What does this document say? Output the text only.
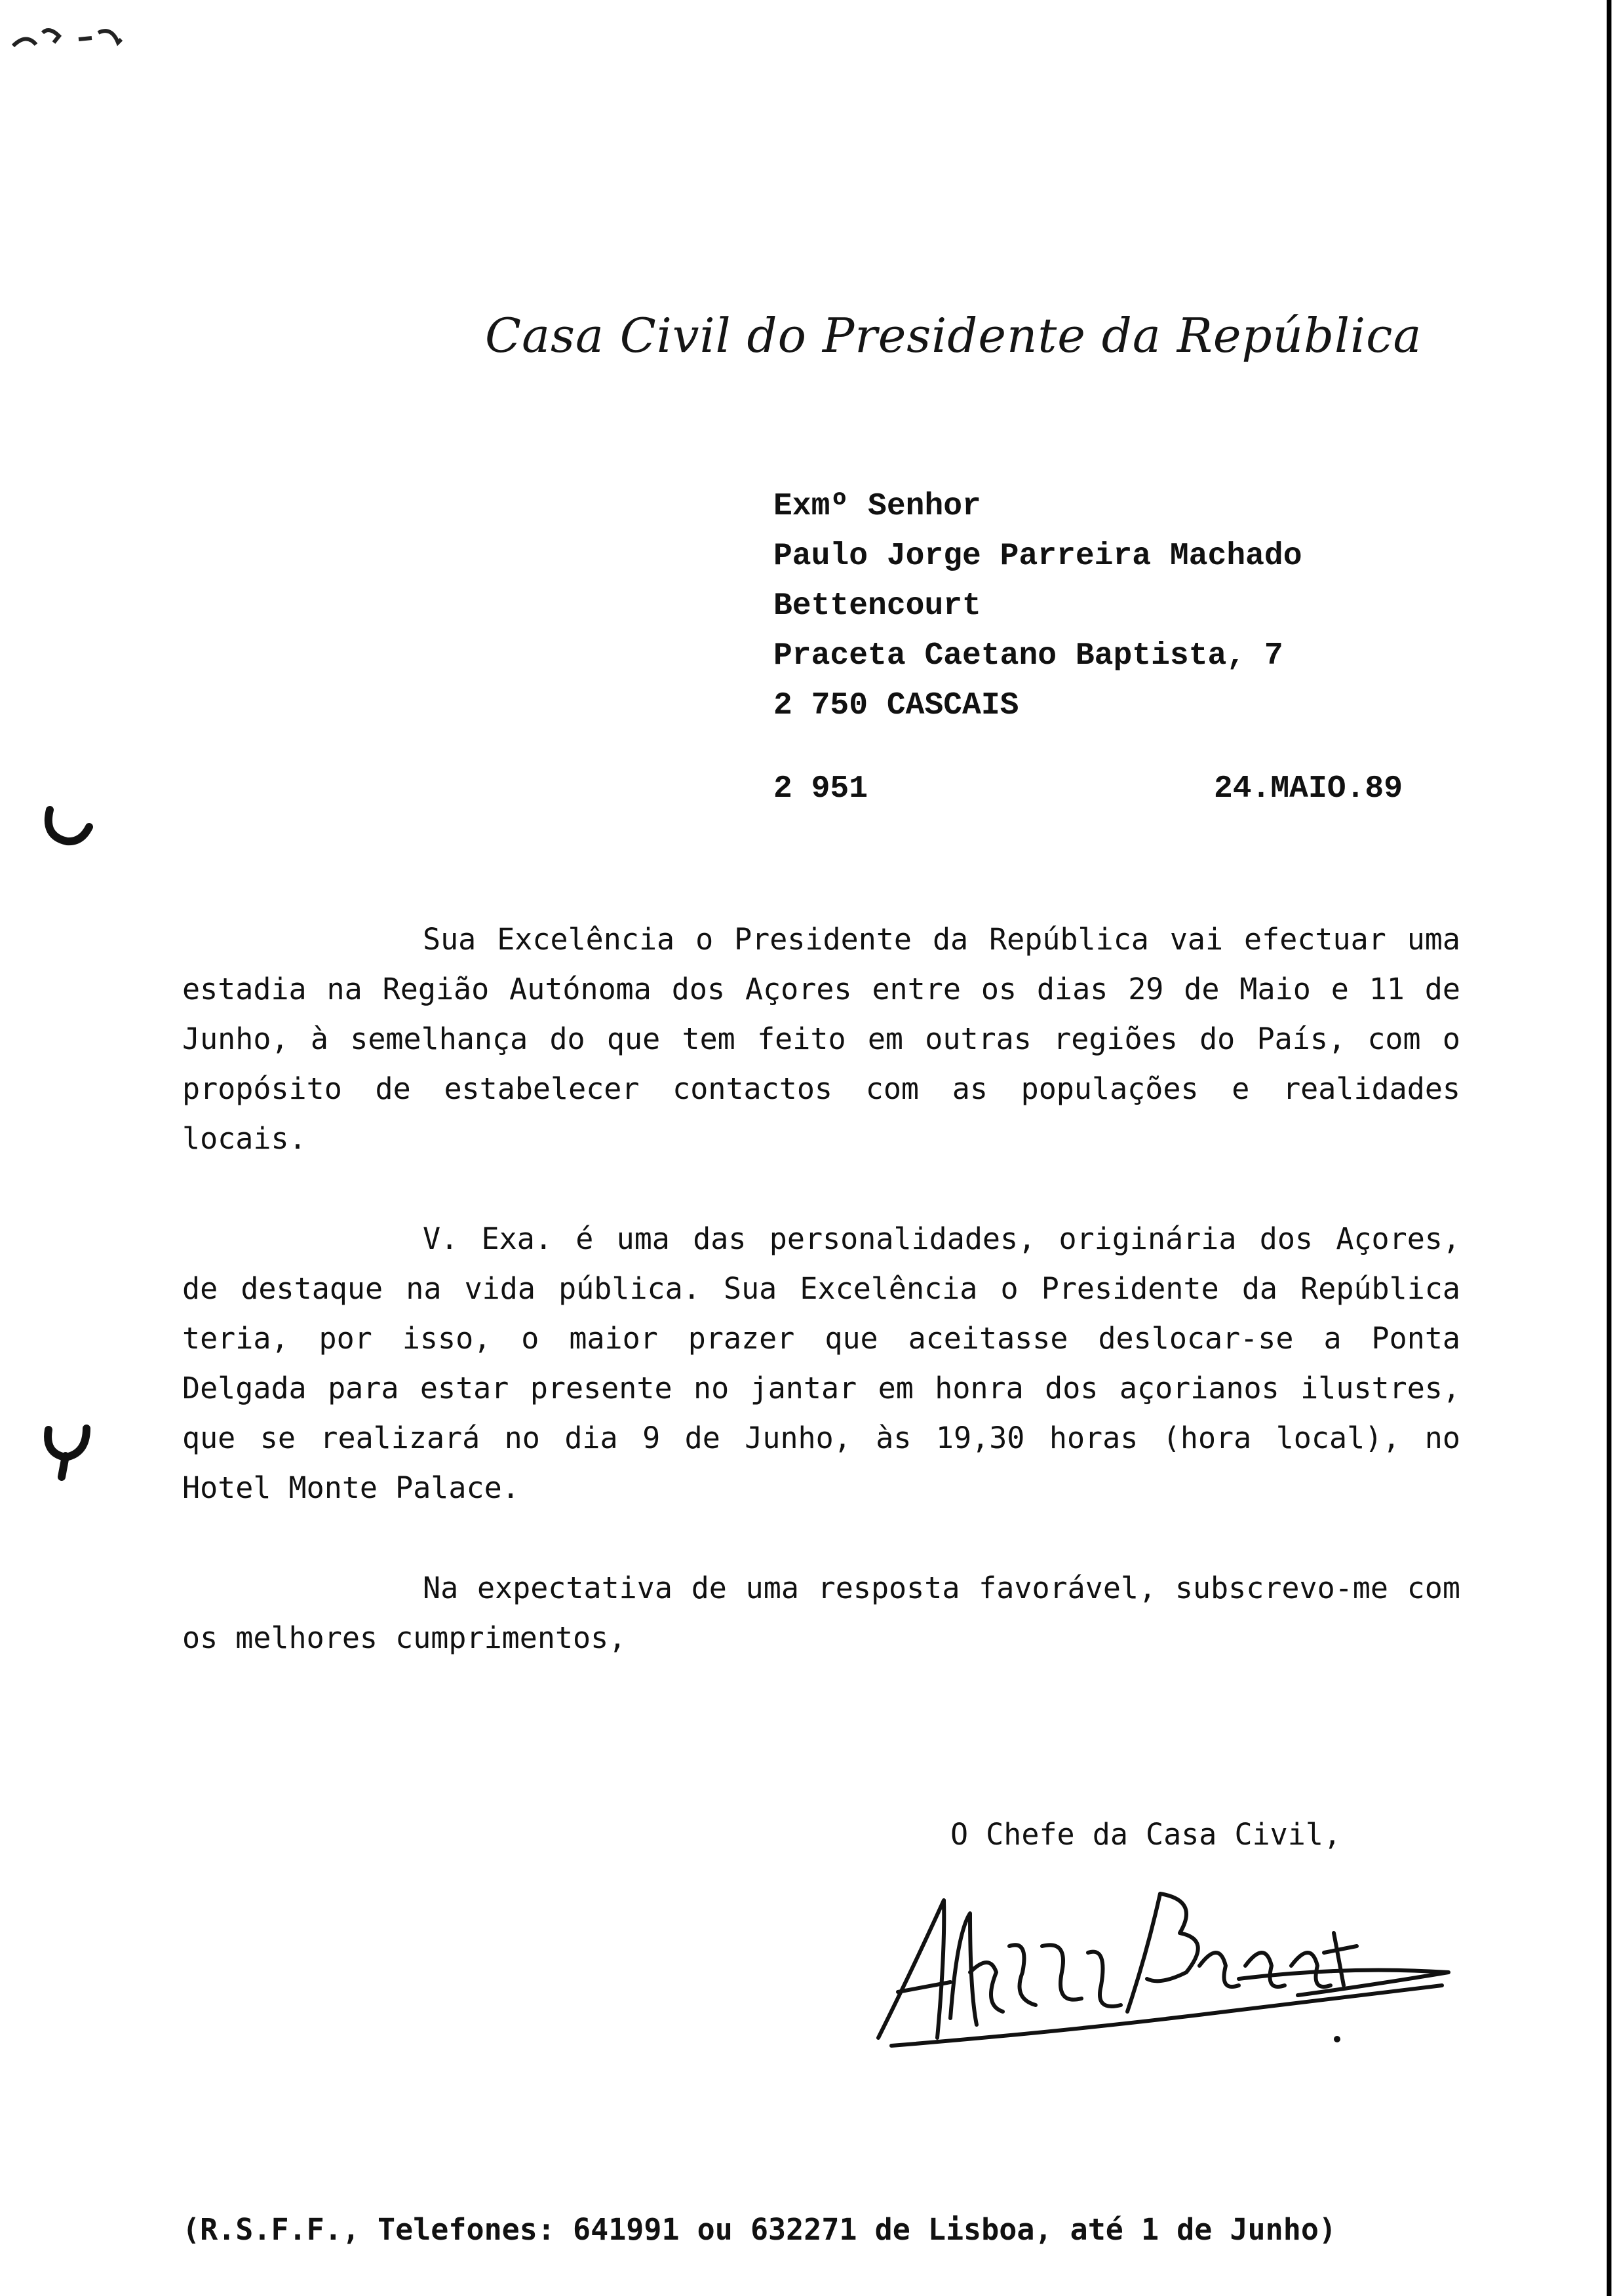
Casa Civil do Presidente da República
Exmº Senhor
Paulo Jorge Parreira Machado
Bettencourt
Praceta Caetano Baptista, 7
2 750 CASCAIS
2 951	24.MAIO.89

Sua Excelência o Presidente da República vai efectuar uma estadia na Região Autónoma dos Açores entre os dias 29 de Maio e 11 de Junho, à semelhança do que tem feito em outras regiões do País, com o propósito de estabelecer contactos com as populações e realidades locais.

V. Exa. é uma das personalidades, originária dos Açores, de destaque na vida pública. Sua Excelência o Presidente da República teria, por isso, o maior prazer que aceitasse deslocar-se a Ponta Delgada para estar presente no jantar em honra dos açorianos ilustres, que se realizará no dia 9 de Junho, às 19,30 horas (hora local), no Hotel Monte Palace.

Na expectativa de uma resposta favorável, subscrevo-me com os melhores cumprimentos,

O Chefe da Casa Civil,
(R.S.F.F., Telefones: 641991 ou 632271 de Lisboa, até 1 de Junho)
